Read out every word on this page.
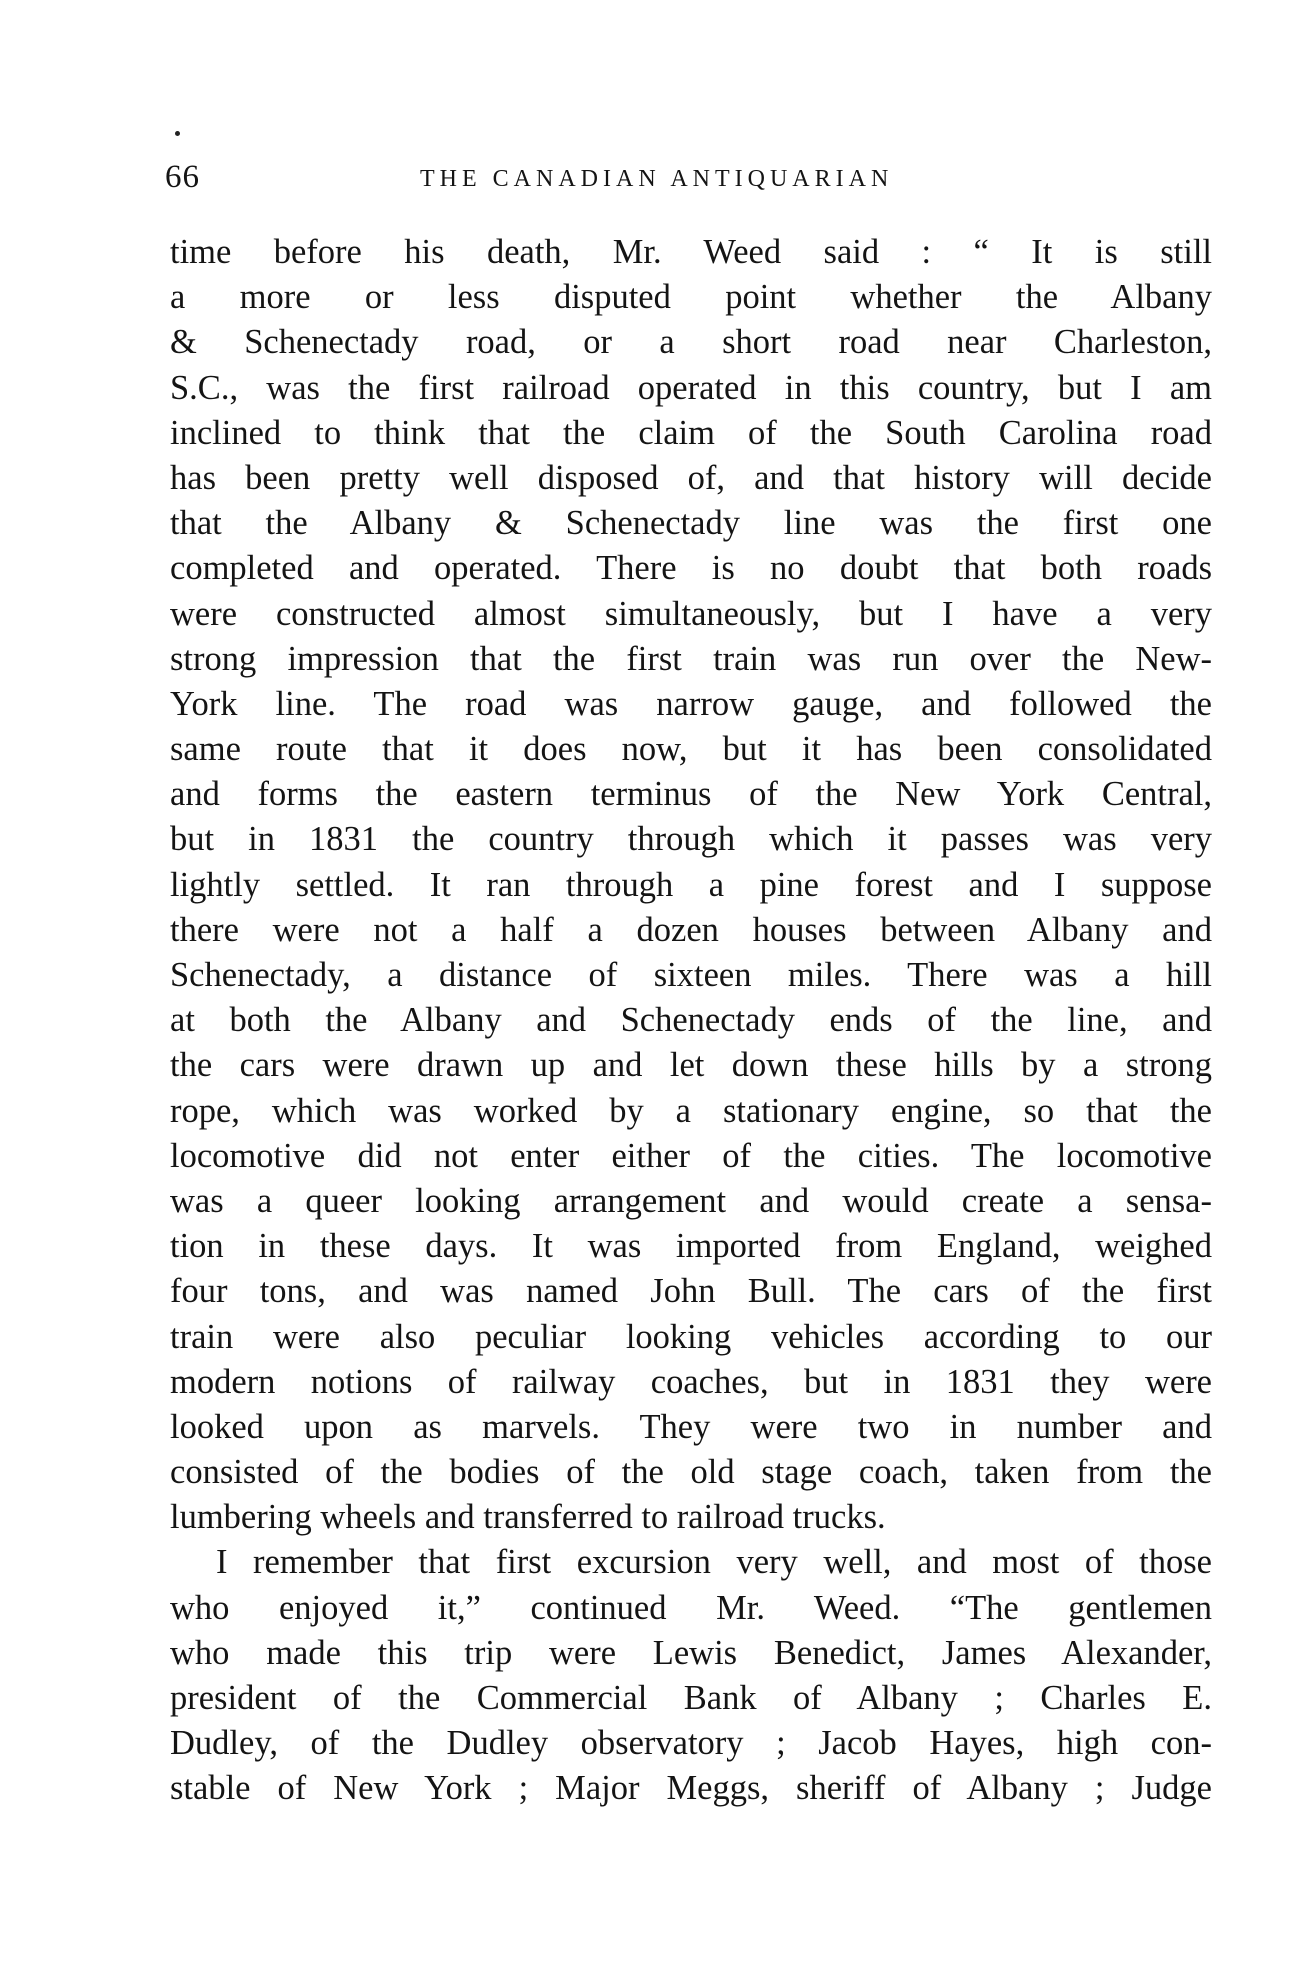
66	THE CANADIAN ANTIQUARIAN
time before his death, Mr. Weed said : “ It is still
a more or less disputed point whether the Albany
& Schenectady road, or a short road near Charleston,
S.C., was the first railroad operated in this country, but I am
inclined to think that the claim of the South Carolina road
has been pretty well disposed of, and that history will decide
that the Albany & Schenectady line was the first one
completed and operated. There is no doubt that both roads
were constructed almost simultaneously, but I have a very
strong impression that the first train was run over the New-
York line. The road was narrow gauge, and followed the
same route that it does now, but it has been consolidated
and forms the eastern terminus of the New York Central,
but in 1831 the country through which it passes was very
lightly settled. It ran through a pine forest and I suppose
there were not a half a dozen houses between Albany and
Schenectady, a distance of sixteen miles. There was a hill
at both the Albany and Schenectady ends of the line, and
the cars were drawn up and let down these hills by a strong
rope, which was worked by a stationary engine, so that the
locomotive did not enter either of the cities. The locomotive
was a queer looking arrangement and would create a sensa-
tion in these days. It was imported from England, weighed
four tons, and was named John Bull. The cars of the first
train were also peculiar looking vehicles according to our
modern notions of railway coaches, but in 1831 they were
looked upon as marvels. They were two in number and
consisted of the bodies of the old stage coach, taken from the
lumbering wheels and transferred to railroad trucks.
I remember that first excursion very well, and most of those
who enjoyed it,” continued Mr. Weed. “The gentlemen
who made this trip were Lewis Benedict, James Alexander,
president of the Commercial Bank of Albany ; Charles E.
Dudley, of the Dudley observatory ; Jacob Hayes, high con-
stable of New York ; Major Meggs, sheriff of Albany ; Judge
